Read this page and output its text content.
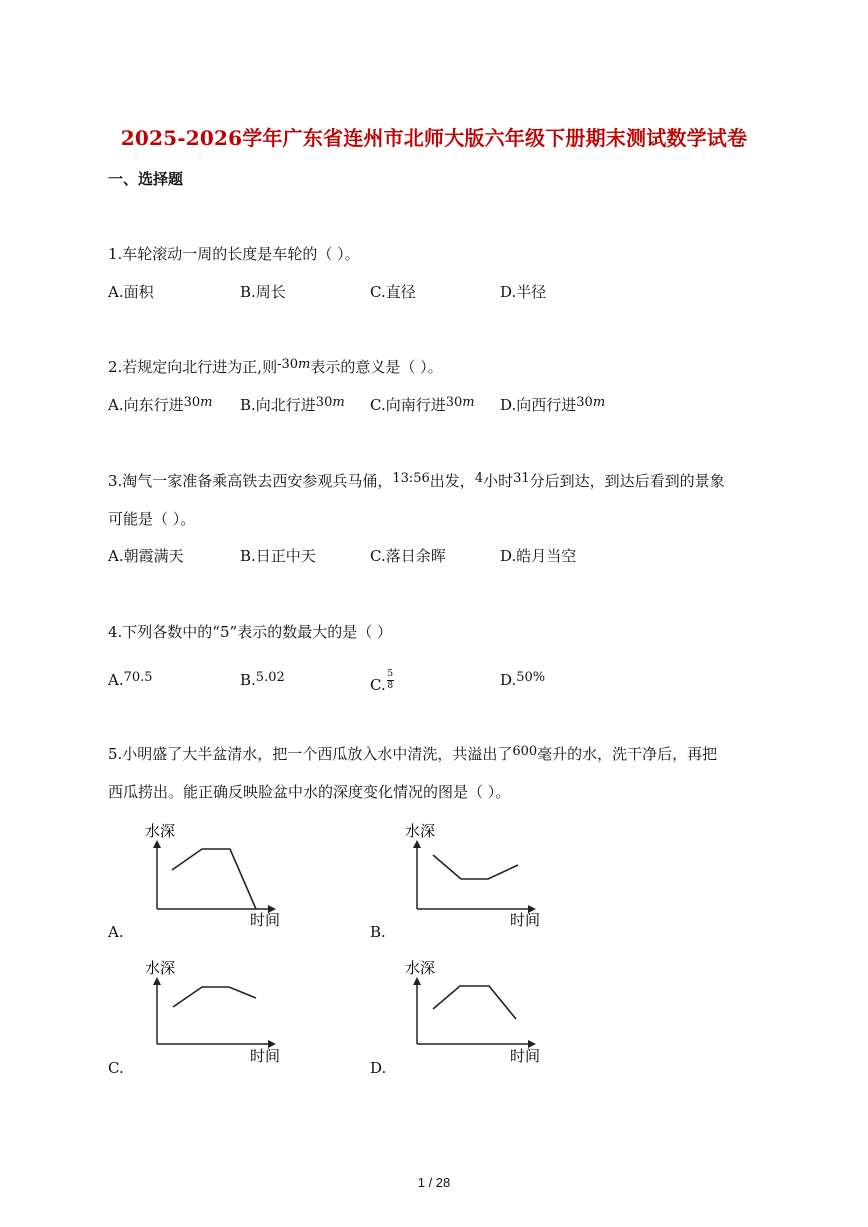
2025-2026学年广东省连州市北师大版六年级下册期末测试数学试卷
一、选择题
1.车轮滚动一周的长度是车轮的（ ）。
A.面积	B.周长	C.直径	D.半径
2.若规定向北行进为正,则-30m表示的意义是（ ）。
A.向东行进30m B.向北行进30m C.向南行进30m D.向西行进30m
3.淘气一家准备乘高铁去西安参观兵马俑，13:56出发，4小时31分后到达，到达后看到的景象
可能是（ ）。
A.朝霞满天	B.日正中天	C.落日余晖	D.皓月当空
4.下列各数中的“5”表示的数最大的是（ ）
A.70.5	B.5.02	C. $\frac{5}{8}$	D.50%
5.小明盛了大半盆清水，把一个西瓜放入水中清洗，共溢出了600毫升的水，洗干净后，再把
西瓜捞出。能正确反映脸盆中水的深度变化情况的图是（ ）。
水深
时间
A.
水深
时间
B.
水深
时间
C.
水深
时间
D.
1 / 28
